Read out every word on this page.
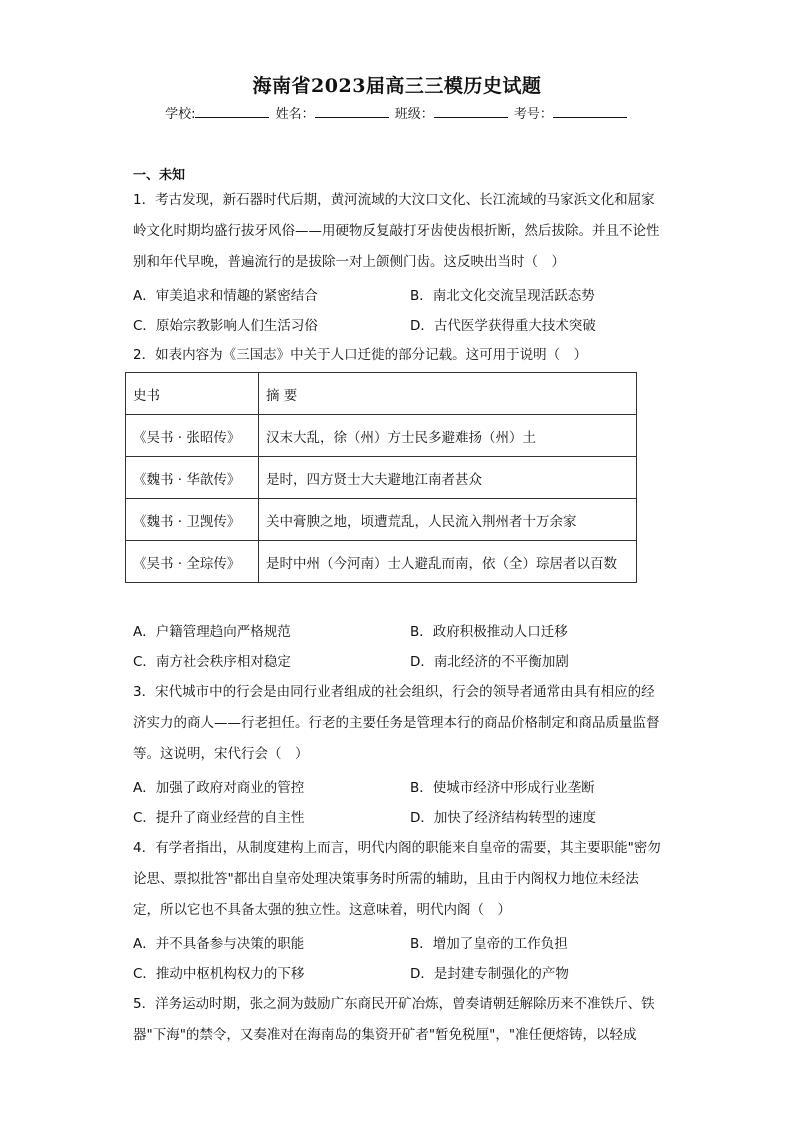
海南省2023届高三三模历史试题
学校:	姓名：	班级：	考号：
一、未知

1．考古发现，新石器时代后期，黄河流域的大汶口文化、长江流域的马家浜文化和屈家岭文化时期均盛行拔牙风俗——用硬物反复敲打牙齿使齿根折断，然后拔除。并且不论性别和年代早晚，普遍流行的是拔除一对上颌侧门齿。这反映出当时（　）

A．审美追求和情趣的紧密结合	B．南北文化交流呈现活跃态势
C．原始宗教影响人们生活习俗	D．古代医学获得重大技术突破

2．如表内容为《三国志》中关于人口迁徙的部分记载。这可用于说明（　）

史书	摘 要
《吴书 · 张昭传》	汉末大乱，徐（州）方士民多避难扬（州）土
《魏书 · 华歆传》	是时，四方贤士大夫避地江南者甚众
《魏书 · 卫觊传》	关中膏腴之地，顷遭荒乱，人民流入荆州者十万余家
《吴书 · 全琮传》	是时中州（今河南）士人避乱而南，依（全）琮居者以百数
A．户籍管理趋向严格规范	B．政府积极推动人口迁移
C．南方社会秩序相对稳定	D．南北经济的不平衡加剧

3．宋代城市中的行会是由同行业者组成的社会组织，行会的领导者通常由具有相应的经济实力的商人——行老担任。行老的主要任务是管理本行的商品价格制定和商品质量监督等。这说明，宋代行会（　）

A．加强了政府对商业的管控	B．使城市经济中形成行业垄断
C．提升了商业经营的自主性	D．加快了经济结构转型的速度

4．有学者指出，从制度建构上而言，明代内阁的职能来自皇帝的需要，其主要职能"密勿论思、票拟批答"都出自皇帝处理决策事务时所需的辅助，且由于内阁权力地位未经法定，所以它也不具备太强的独立性。这意味着，明代内阁（　）

A．并不具备参与决策的职能	B．增加了皇帝的工作负担
C．推动中枢机构权力的下移	D．是封建专制强化的产物

5．洋务运动时期，张之洞为鼓励广东商民开矿冶炼，曾奏请朝廷解除历来不准铁斤、铁器"下海"的禁令，又奏准对在海南岛的集资开矿者"暂免税厘"，"准任便熔铸，以轻成
